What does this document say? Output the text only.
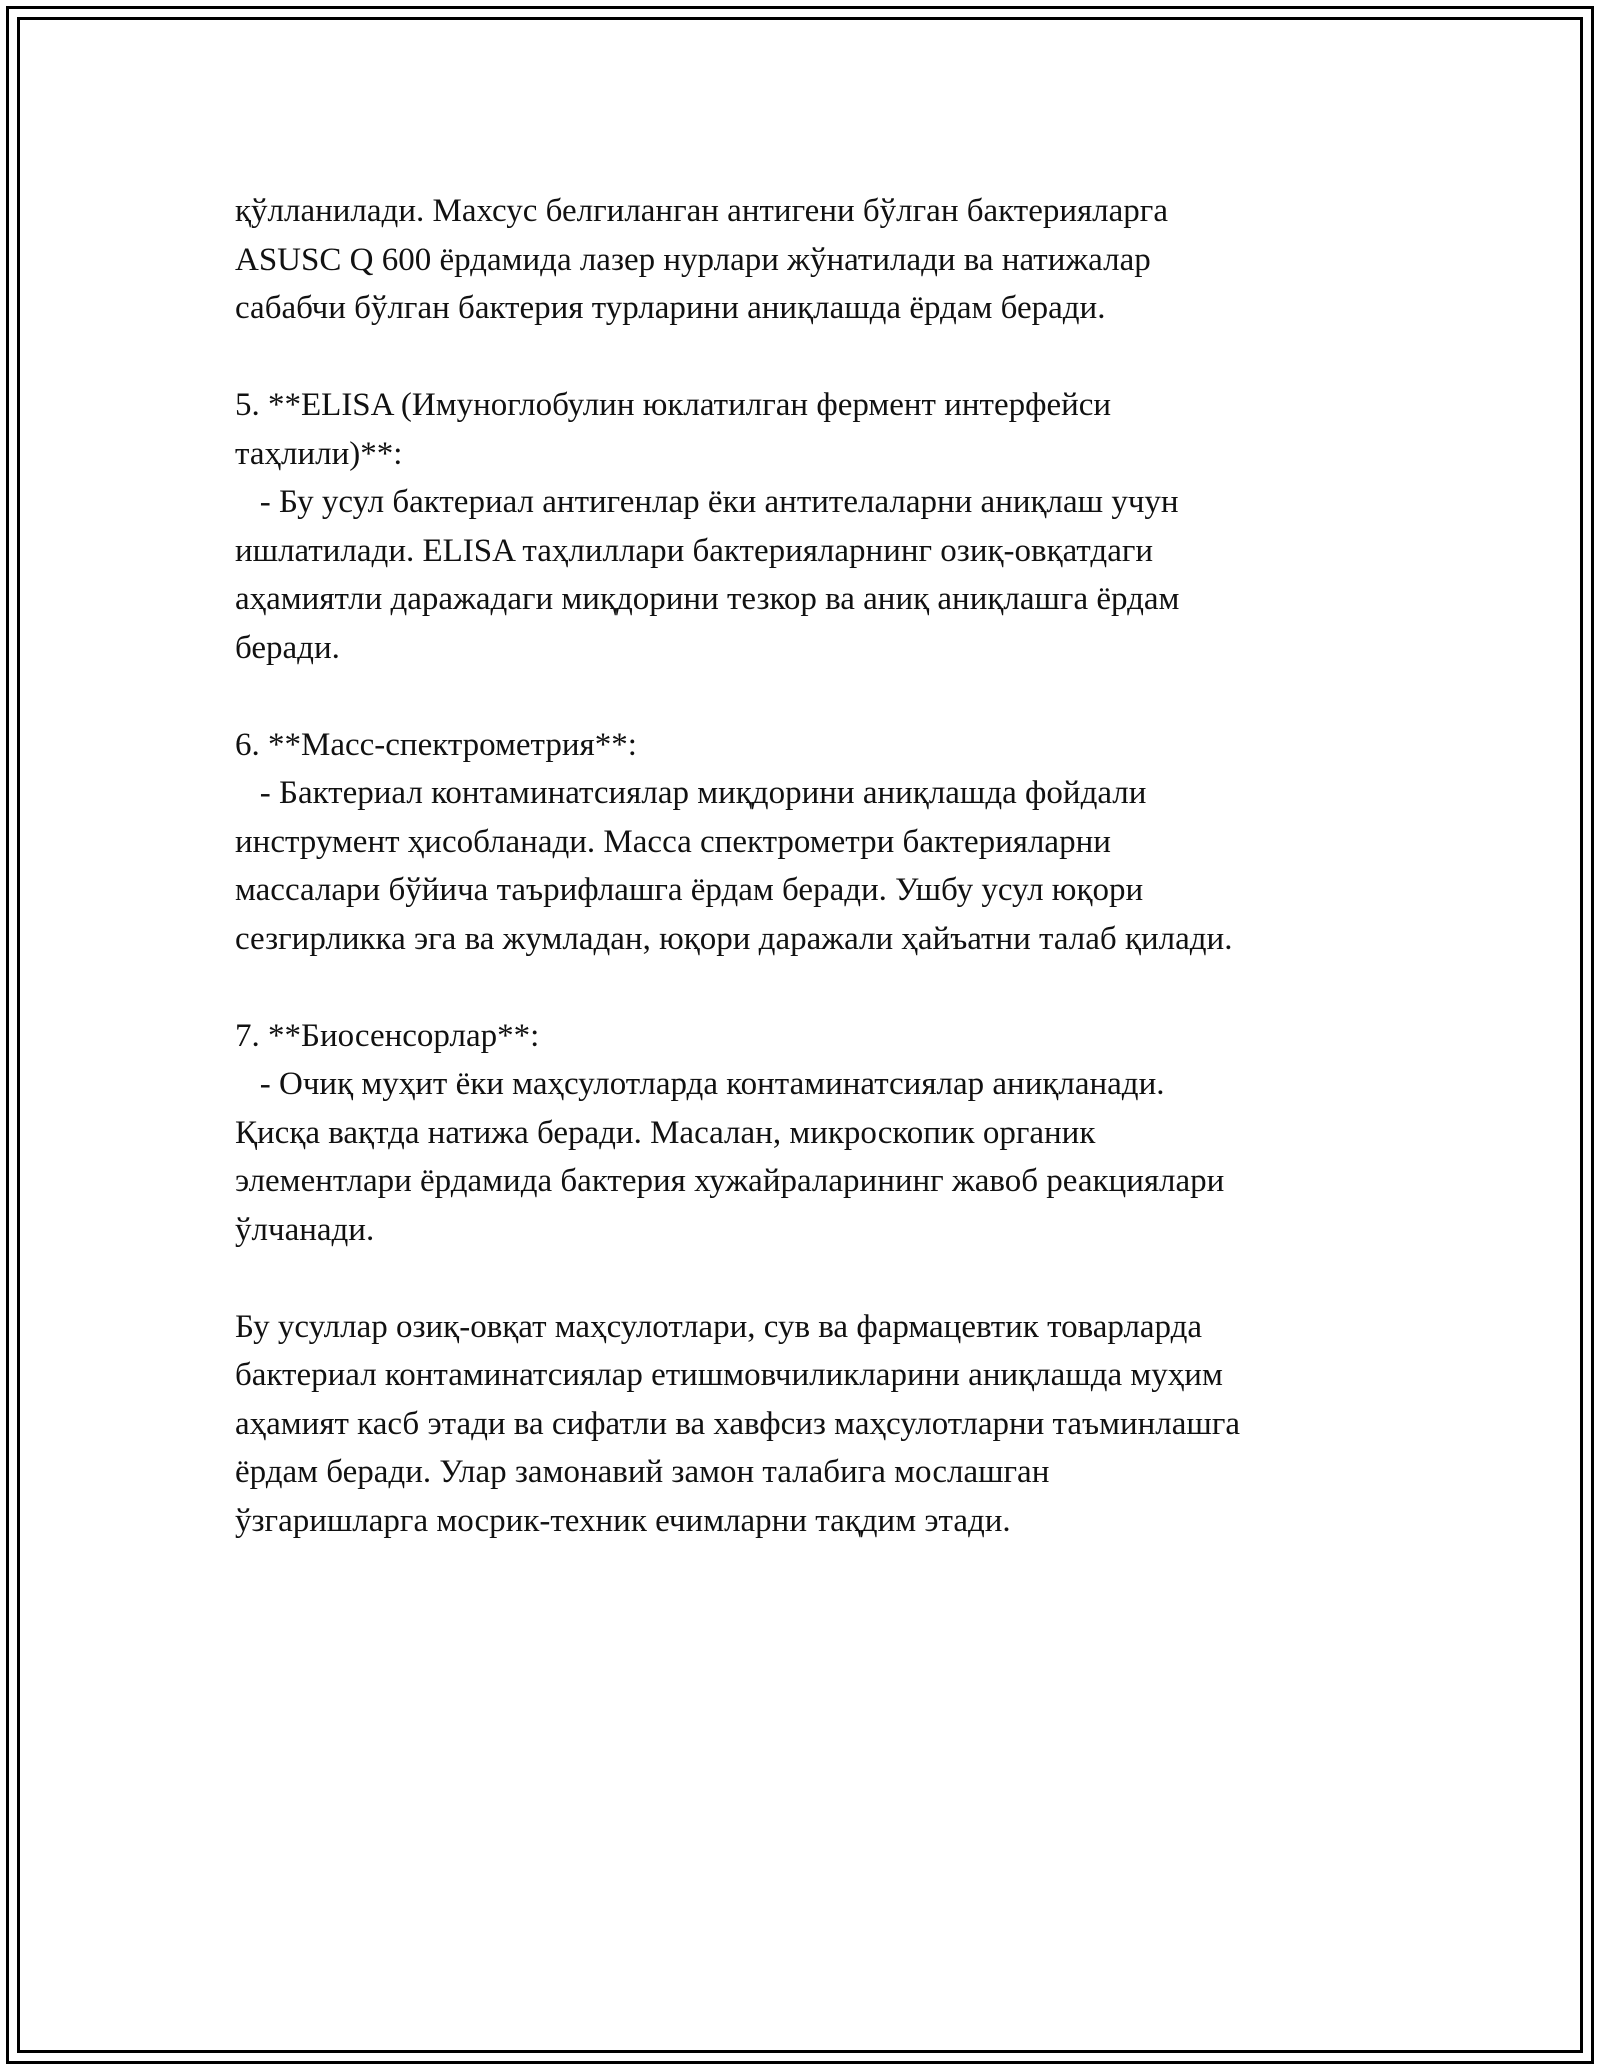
қўлланилади. Махсус белгиланган антигени бўлган бактерияларга
ASUSC Q 600 ёрдамида лазер нурлари жўнатилади ва натижалар
сабабчи бўлган бактерия турларини аниқлашда ёрдам беради.
5. **ELISA (Имуноглобулин юклатилган фермент интерфейси
таҳлили)**:
- Бу усул бактериал антигенлар ёки антителаларни аниқлаш учун
ишлатилади. ELISA таҳлиллари бактерияларнинг озиқ-овқатдаги
аҳамиятли даражадаги миқдорини тезкор ва аниқ аниқлашга ёрдам
беради.
6. **Масс-спектрометрия**:
- Бактериал контаминатсиялар миқдорини аниқлашда фойдали
инструмент ҳисобланади. Масса спектрометри бактерияларни
массалари бўйича таърифлашга ёрдам беради. Ушбу усул юқори
сезгирликка эга ва жумладан, юқори даражали ҳайъатни талаб қилади.
7. **Биосенсорлар**:
- Очиқ муҳит ёки маҳсулотларда контаминатсиялар аниқланади.
Қисқа вақтда натижа беради. Масалан, микроскопик органик
элементлари ёрдамида бактерия хужайраларининг жавоб реакциялари
ўлчанади.
Бу усуллар озиқ-овқат маҳсулотлари, сув ва фармацевтик товарларда
бактериал контаминатсиялар етишмовчиликларини аниқлашда муҳим
аҳамият касб этади ва сифатли ва хавфсиз маҳсулотларни таъминлашга
ёрдам беради. Улар замонавий замон талабига мослашган
ўзгаришларга мосрик-техник ечимларни тақдим этади.
